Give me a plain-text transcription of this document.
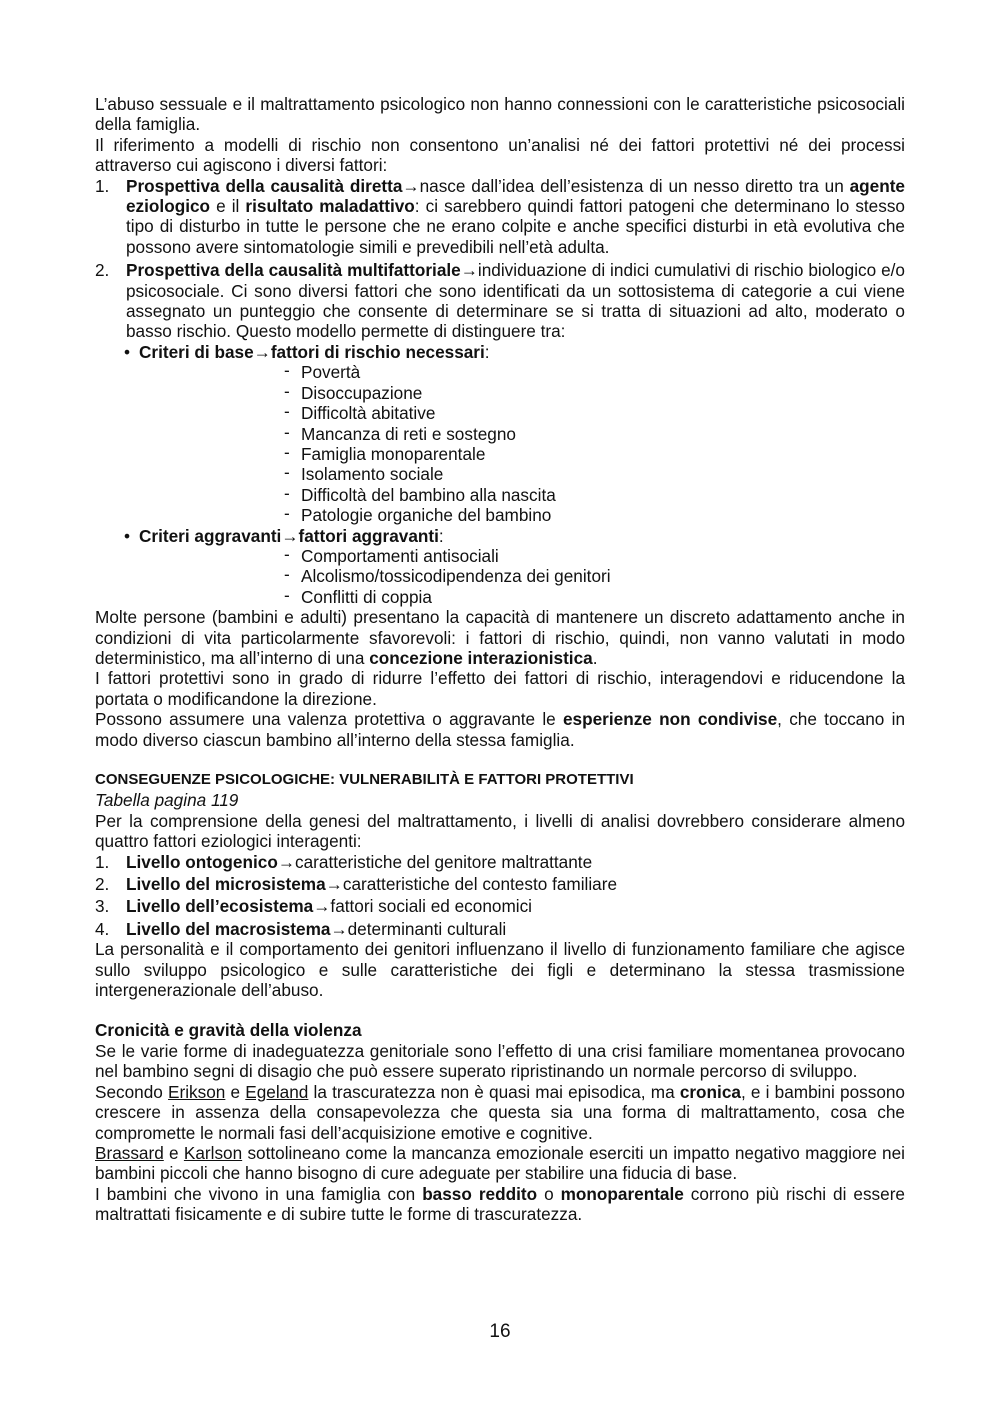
L’abuso sessuale e il maltrattamento psicologico non hanno connessioni con le caratteristiche psicosociali della famiglia.

Il riferimento a modelli di rischio non consentono un’analisi né dei fattori protettivi né dei processi attraverso cui agiscono i diversi fattori:

1. Prospettiva della causalità diretta→nasce dall’idea dell’esistenza di un nesso diretto tra un agente eziologico e il risultato maladattivo: ci sarebbero quindi fattori patogeni che determinano lo stesso tipo di disturbo in tutte le persone che ne erano colpite e anche specifici disturbi in età evolutiva che possono avere sintomatologie simili e prevedibili nell’età adulta.
2. Prospettiva della causalità multifattoriale→individuazione di indici cumulativi di rischio biologico e/o psicosociale. Ci sono diversi fattori che sono identificati da un sottosistema di categorie a cui viene assegnato un punteggio che consente di determinare se si tratta di situazioni ad alto, moderato o basso rischio. Questo modello permette di distinguere tra:
• Criteri di base→fattori di rischio necessari:
- Povertà
- Disoccupazione
- Difficoltà abitative
- Mancanza di reti e sostegno
- Famiglia monoparentale
- Isolamento sociale
- Difficoltà del bambino alla nascita
- Patologie organiche del bambino
• Criteri aggravanti→fattori aggravanti:
- Comportamenti antisociali
- Alcolismo/tossicodipendenza dei genitori
- Conflitti di coppia

Molte persone (bambini e adulti) presentano la capacità di mantenere un discreto adattamento anche in condizioni di vita particolarmente sfavorevoli: i fattori di rischio, quindi, non vanno valutati in modo deterministico, ma all’interno di una concezione interazionistica.

I fattori protettivi sono in grado di ridurre l’effetto dei fattori di rischio, interagendovi e riducendone la portata o modificandone la direzione.

Possono assumere una valenza protettiva o aggravante le esperienze non condivise, che toccano in modo diverso ciascun bambino all’interno della stessa famiglia.

CONSEGUENZE PSICOLOGICHE: VULNERABILITÀ E FATTORI PROTETTIVI

Tabella pagina 119

Per la comprensione della genesi del maltrattamento, i livelli di analisi dovrebbero considerare almeno quattro fattori eziologici interagenti:

1. Livello ontogenico→caratteristiche del genitore maltrattante
2. Livello del microsistema→caratteristiche del contesto familiare
3. Livello dell’ecosistema→fattori sociali ed economici
4. Livello del macrosistema→determinanti culturali

La personalità e il comportamento dei genitori influenzano il livello di funzionamento familiare che agisce sullo sviluppo psicologico e sulle caratteristiche dei figli e determinano la stessa trasmissione intergenerazionale dell’abuso.

Cronicità e gravità della violenza

Se le varie forme di inadeguatezza genitoriale sono l’effetto di una crisi familiare momentanea provocano nel bambino segni di disagio che può essere superato ripristinando un normale percorso di sviluppo.

Secondo Erikson e Egeland la trascuratezza non è quasi mai episodica, ma cronica, e i bambini possono crescere in assenza della consapevolezza che questa sia una forma di maltrattamento, cosa che compromette le normali fasi dell’acquisizione emotive e cognitive.

Brassard e Karlson sottolineano come la mancanza emozionale eserciti un impatto negativo maggiore nei bambini piccoli che hanno bisogno di cure adeguate per stabilire una fiducia di base.

I bambini che vivono in una famiglia con basso reddito o monoparentale corrono più rischi di essere maltrattati fisicamente e di subire tutte le forme di trascuratezza.

16
